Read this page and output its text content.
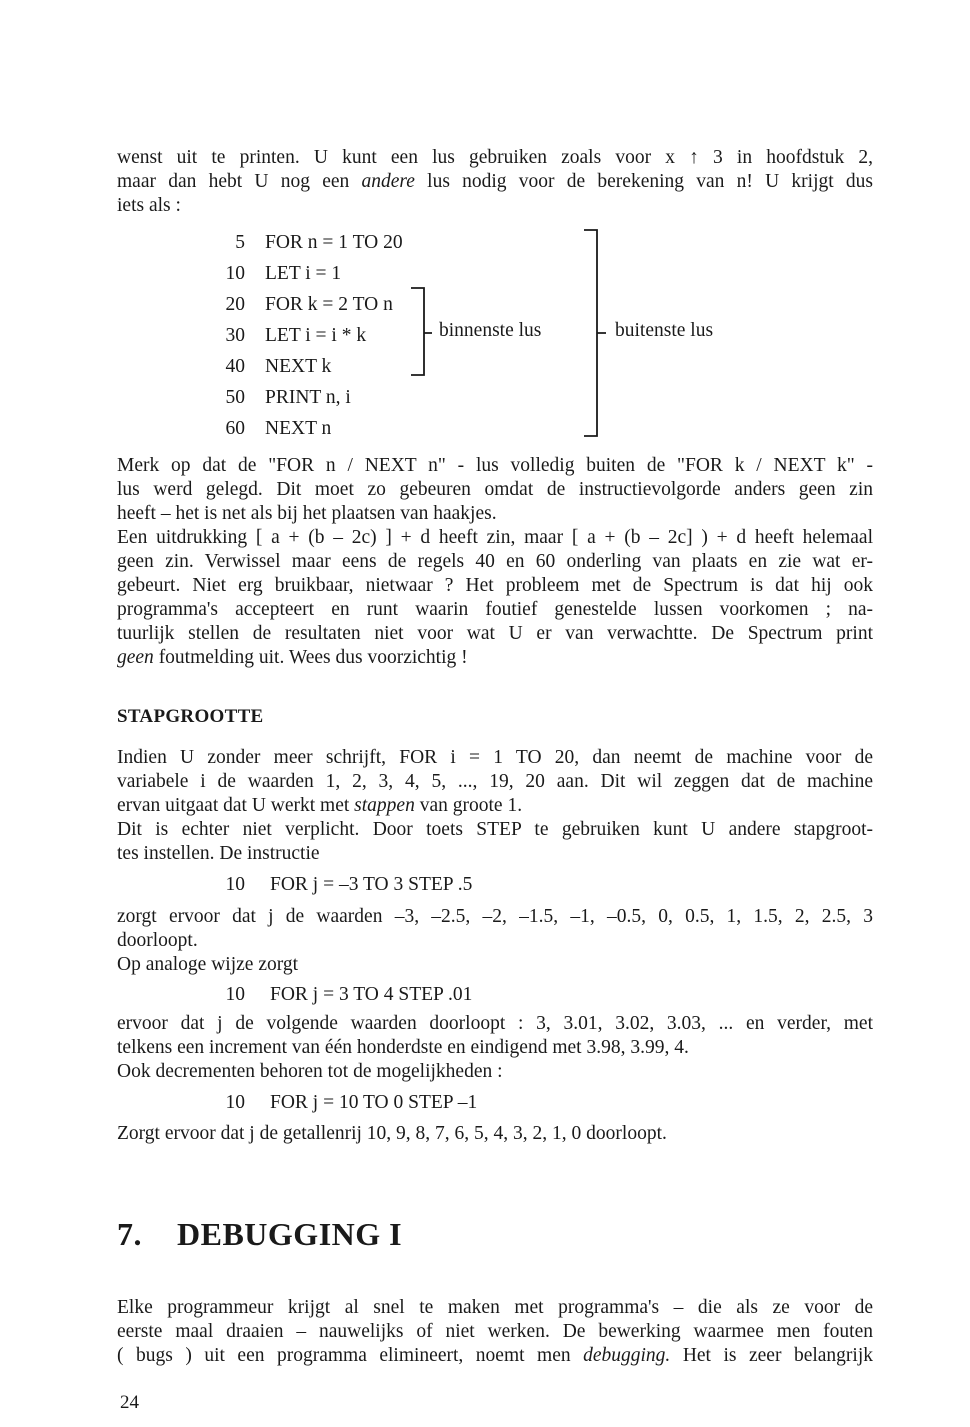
wenst uit te printen. U kunt een lus gebruiken zoals voor x ↑ 3 in hoofdstuk 2,
maar dan hebt U nog een andere lus nodig voor de berekening van n! U krijgt dus
iets als :

5

FOR n = 1 TO 20

10

LET i = 1

20

FOR k = 2 TO n

30

LET i = i * k

40

NEXT k

50

PRINT n, i

60

NEXT n

binnenste lus	buitenste lus
Merk op dat de "FOR n / NEXT n" - lus volledig buiten de "FOR k / NEXT k" -
lus werd gelegd. Dit moet zo gebeuren omdat de instructievolgorde anders geen zin
heeft – het is net als bij het plaatsen van haakjes.
Een uitdrukking [ a + (b – 2c) ] + d heeft zin, maar [ a + (b – 2c] ) + d heeft helemaal
geen zin. Verwissel maar eens de regels 40 en 60 onderling van plaats en zie wat er-
gebeurt. Niet erg bruikbaar, nietwaar ? Het probleem met de Spectrum is dat hij ook
programma's accepteert en runt waarin foutief genestelde lussen voorkomen ; na-
tuurlijk stellen de resultaten niet voor wat U er van verwachtte. De Spectrum print
geen foutmelding uit. Wees dus voorzichtig !
STAPGROOTTE
Indien U zonder meer schrijft, FOR i = 1 TO 20, dan neemt de machine voor de
variabele i de waarden 1, 2, 3, 4, 5, ..., 19, 20 aan. Dit wil zeggen dat de machine
ervan uitgaat dat U werkt met stappen van groote 1.
Dit is echter niet verplicht. Door toets STEP te gebruiken kunt U andere stapgroot-
tes instellen. De instructie

10

FOR j = –3 TO 3 STEP .5

zorgt ervoor dat j de waarden –3, –2.5, –2, –1.5, –1, –0.5, 0, 0.5, 1, 1.5, 2, 2.5, 3
doorloopt.
Op analoge wijze zorgt

10

FOR j = 3 TO 4 STEP .01

ervoor dat j de volgende waarden doorloopt : 3, 3.01, 3.02, 3.03, ... en verder, met
telkens een increment van één honderdste en eindigend met 3.98, 3.99, 4.
Ook decrementen behoren tot de mogelijkheden :

10

FOR j = 10 TO 0 STEP –1

Zorgt ervoor dat j de getallenrij 10, 9, 8, 7, 6, 5, 4, 3, 2, 1, 0 doorloopt.
7. DEBUGGING I
Elke programmeur krijgt al snel te maken met programma's – die als ze voor de
eerste maal draaien – nauwelijks of niet werken. De bewerking waarmee men fouten
( bugs ) uit een programma elimineert, noemt men debugging. Het is zeer belangrijk
24
